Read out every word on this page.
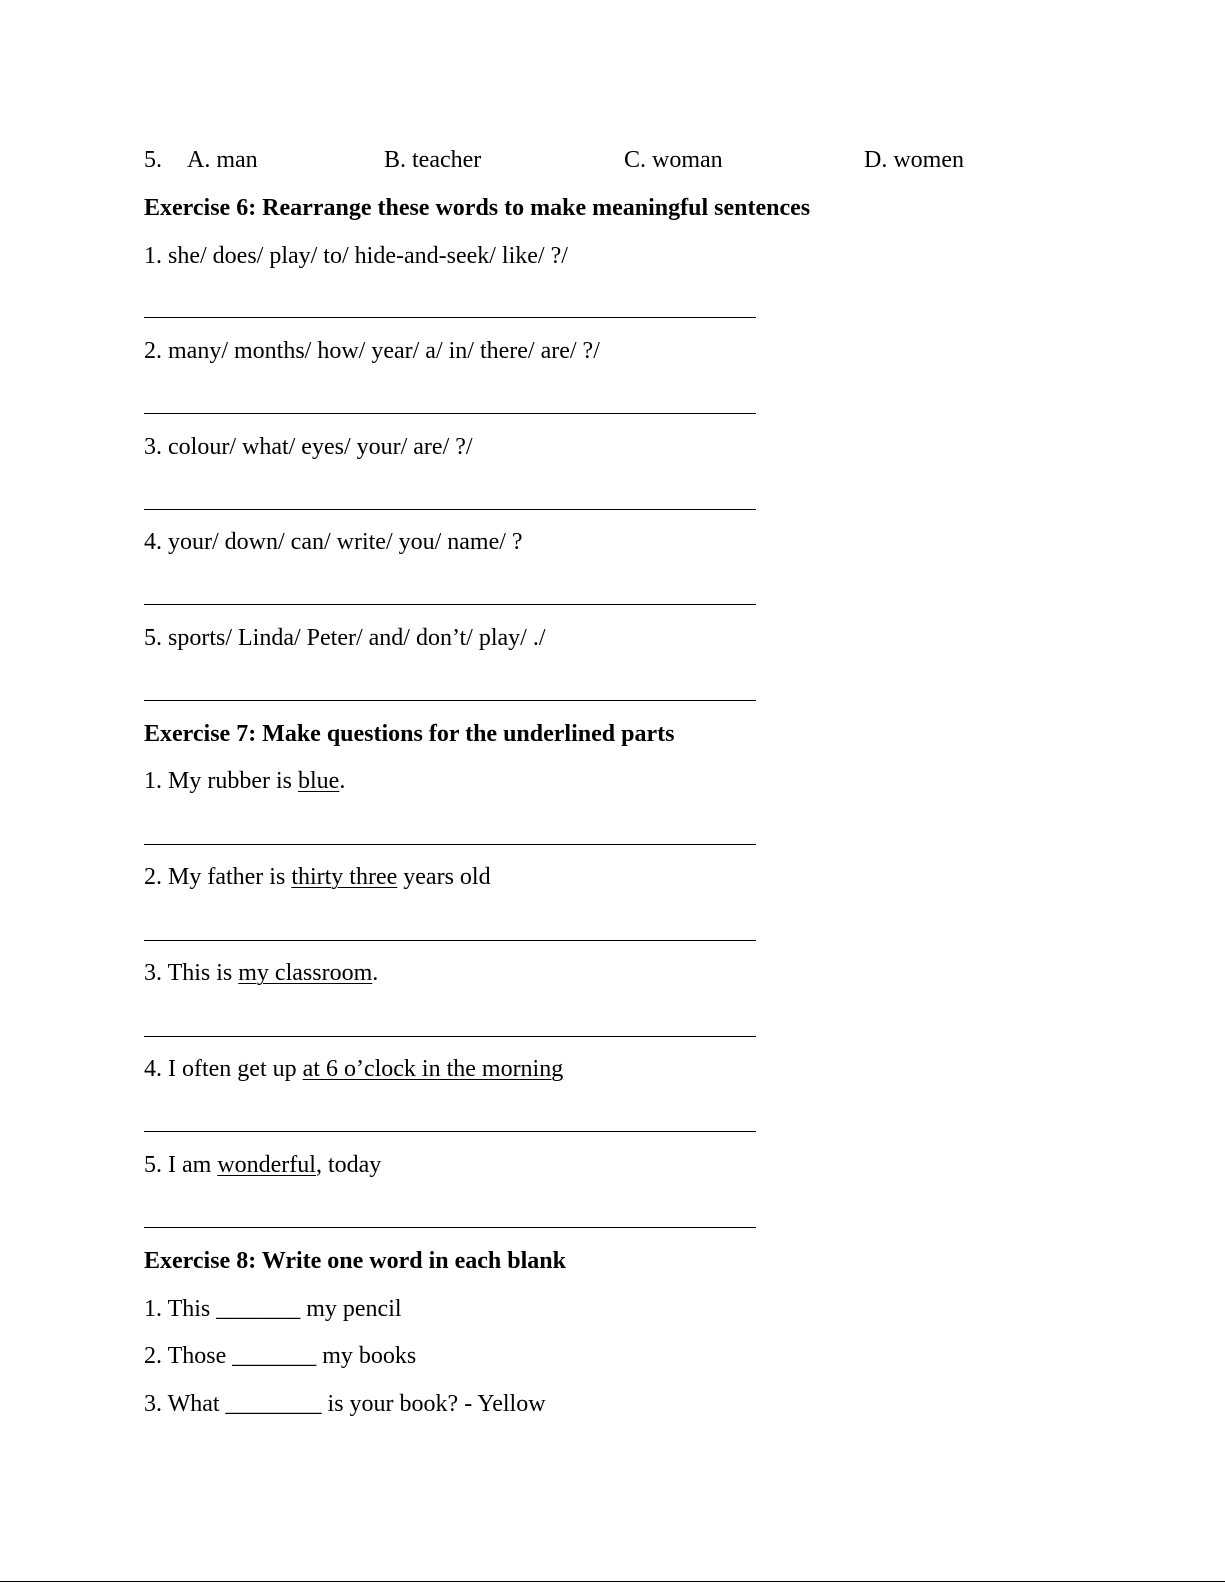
5. A. man	B. teacher	C. woman	D. women
Exercise 6: Rearrange these words to make meaningful sentences
1. she/ does/ play/ to/ hide-and-seek/ like/ ?/
2. many/ months/ how/ year/ a/ in/ there/ are/ ?/
3. colour/ what/ eyes/ your/ are/ ?/
4. your/ down/ can/ write/ you/ name/ ?
5. sports/ Linda/ Peter/ and/ don’t/ play/ ./
Exercise 7: Make questions for the underlined parts
1. My rubber is blue.
2. My father is thirty three years old
3. This is my classroom.
4. I often get up at 6 o’clock in the morning
5. I am wonderful, today
Exercise 8: Write one word in each blank
1. This _______ my pencil
2. Those _______ my books
3. What ________ is your book? - Yellow
